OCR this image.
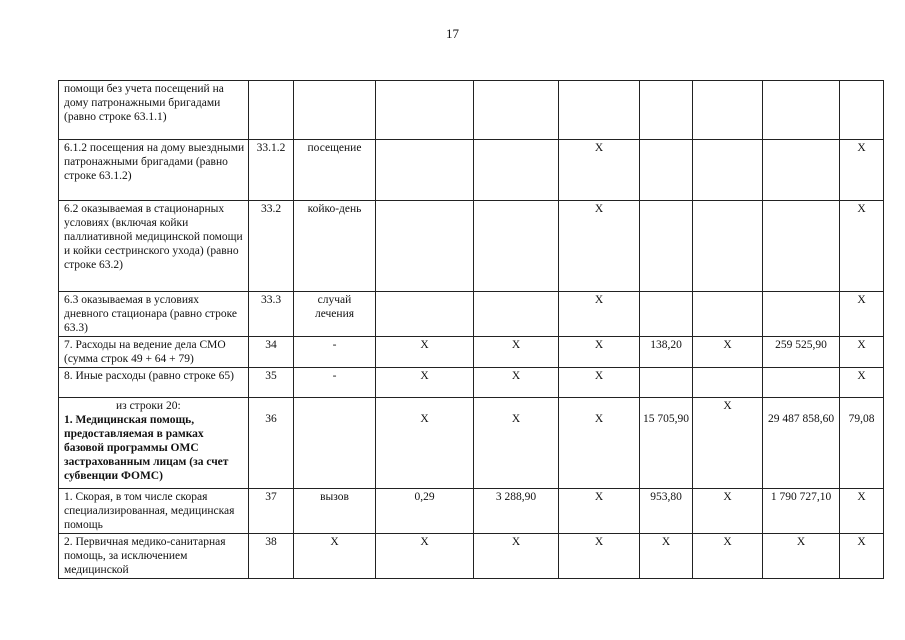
17
помощи без учета посещений на дому патронажными бригадами (равно строке 63.1.1)									
6.1.2 посещения на дому выездными патронажными бригадами (равно строке 63.1.2)	33.1.2	посещение			X				X
6.2 оказываемая в стационарных условиях (включая койки паллиативной медицинской помощи и койки сестринского ухода) (равно строке 63.2)	33.2	койко-день			X				X
6.3 оказываемая в условиях дневного стационара (равно строке 63.3)	33.3	случай лечения			X				X
7. Расходы на ведение дела СМО (сумма строк 49 + 64 + 79)	34	-	X	X	X	138,20	X	259 525,90	X
8. Иные расходы (равно строке 65)	35	-	X	X	X				X

из строки 20:
1. Медицинская помощь, предоставляемая в рамках базовой программы ОМС застрахованным лицам (за счет субвенции ФОМС)	36		X	X	X	15 705,90	X	29 487 858,60	79,08
1. Скорая, в том числе скорая специализированная, медицинская помощь	37	вызов	0,29	3 288,90	X	953,80	X	1 790 727,10	X
2. Первичная медико-санитарная помощь, за исключением медицинской	38	X	X	X	X	X	X	X	X
